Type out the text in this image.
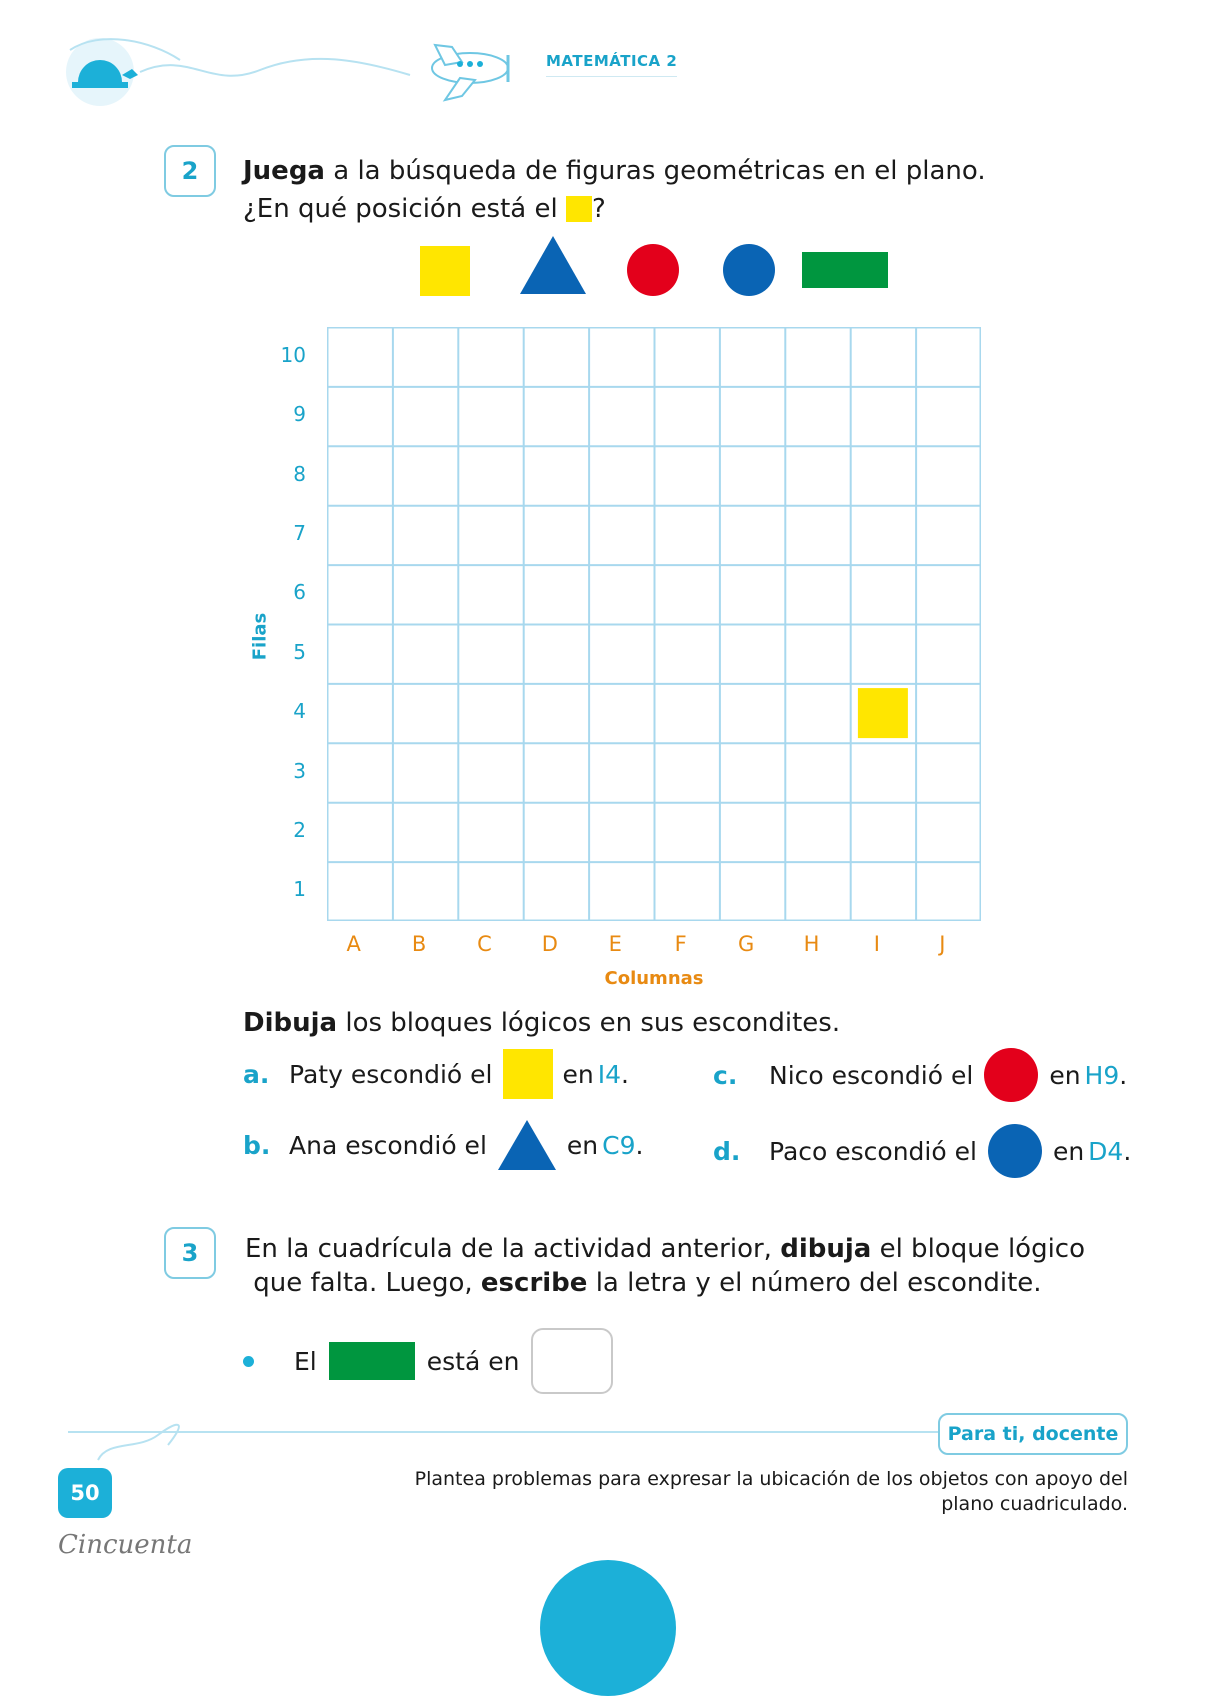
MATEMÁTICA 2
2	Juega a la búsqueda de figuras geométricas en el plano.
¿En qué posición está el ?
10
9
8
7
6
5
4
3
2
1
A	B	C	D	E	F	G	H	I	J
Filas
Columnas
Dibuja los bloques lógicos en sus escondites.
a. Paty escondió el	en I4.
b. Ana escondió el	en C9.
c.	Nico escondió el	en H9.
d.	Paco escondió el	en D4.
3	En la cuadrícula de la actividad anterior, dibuja el bloque lógico
que falta. Luego, escribe la letra y el número del escondite.
El	está en
Para ti, docente
Plantea problemas para expresar la ubicación de los objetos con apoyo del
plano cuadriculado.
50
Cincuenta
